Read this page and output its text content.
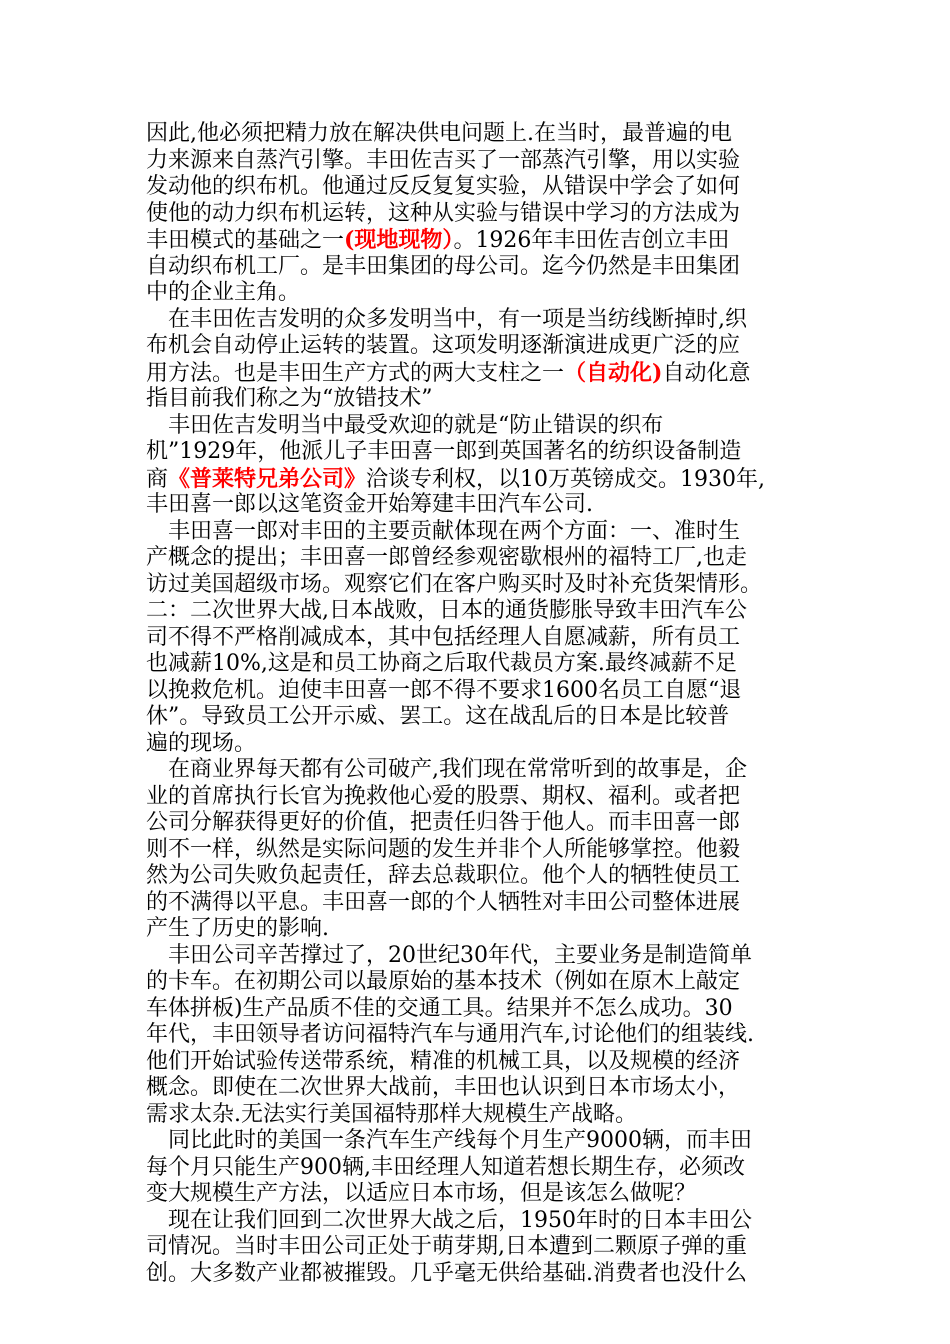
因此,他必须把精力放在解决供电问题上.在当时，最普遍的电
力来源来自蒸汽引擎。丰田佐吉买了一部蒸汽引擎，用以实验
发动他的织布机。他通过反反复复实验，从错误中学会了如何
使他的动力织布机运转，这种从实验与错误中学习的方法成为
丰田模式的基础之一(现地现物）。1926年丰田佐吉创立丰田
自动织布机工厂。是丰田集团的母公司。迄今仍然是丰田集团
中的企业主角。
　在丰田佐吉发明的众多发明当中，有一项是当纺线断掉时,织
布机会自动停止运转的装置。这项发明逐渐演进成更广泛的应
用方法。也是丰田生产方式的两大支柱之一（自动化)自动化意
指目前我们称之为“放错技术”
　丰田佐吉发明当中最受欢迎的就是“防止错误的织布
机”1929年，他派儿子丰田喜一郎到英国著名的纺织设备制造
商《普莱特兄弟公司》洽谈专利权，以10万英镑成交。1930年,
丰田喜一郎以这笔资金开始筹建丰田汽车公司.
　丰田喜一郎对丰田的主要贡献体现在两个方面：一、准时生
产概念的提出；丰田喜一郎曾经参观密歇根州的福特工厂,也走
访过美国超级市场。观察它们在客户购买时及时补充货架情形。
二：二次世界大战,日本战败，日本的通货膨胀导致丰田汽车公
司不得不严格削减成本，其中包括经理人自愿减薪，所有员工
也减薪10%,这是和员工协商之后取代裁员方案.最终减薪不足
以挽救危机。迫使丰田喜一郎不得不要求1600名员工自愿“退
休”。导致员工公开示威、罢工。这在战乱后的日本是比较普
遍的现场。
　在商业界每天都有公司破产,我们现在常常听到的故事是，企
业的首席执行长官为挽救他心爱的股票、期权、福利。或者把
公司分解获得更好的价值，把责任归咎于他人。而丰田喜一郎
则不一样，纵然是实际问题的发生并非个人所能够掌控。他毅
然为公司失败负起责任，辞去总裁职位。他个人的牺牲使员工
的不满得以平息。丰田喜一郎的个人牺牲对丰田公司整体进展
产生了历史的影响.
　丰田公司辛苦撑过了，20世纪30年代，主要业务是制造简单
的卡车。在初期公司以最原始的基本技术（例如在原木上敲定
车体拼板)生产品质不佳的交通工具。结果并不怎么成功。30
年代，丰田领导者访问福特汽车与通用汽车,讨论他们的组装线.
他们开始试验传送带系统，精准的机械工具，以及规模的经济
概念。即使在二次世界大战前，丰田也认识到日本市场太小，
需求太杂.无法实行美国福特那样大规模生产战略。
　同比此时的美国一条汽车生产线每个月生产9000辆，而丰田
每个月只能生产900辆,丰田经理人知道若想长期生存，必须改
变大规模生产方法，以适应日本市场，但是该怎么做呢？
　现在让我们回到二次世界大战之后，1950年时的日本丰田公
司情况。当时丰田公司正处于萌芽期,日本遭到二颗原子弹的重
创。大多数产业都被摧毁。几乎毫无供给基础.消费者也没什么
